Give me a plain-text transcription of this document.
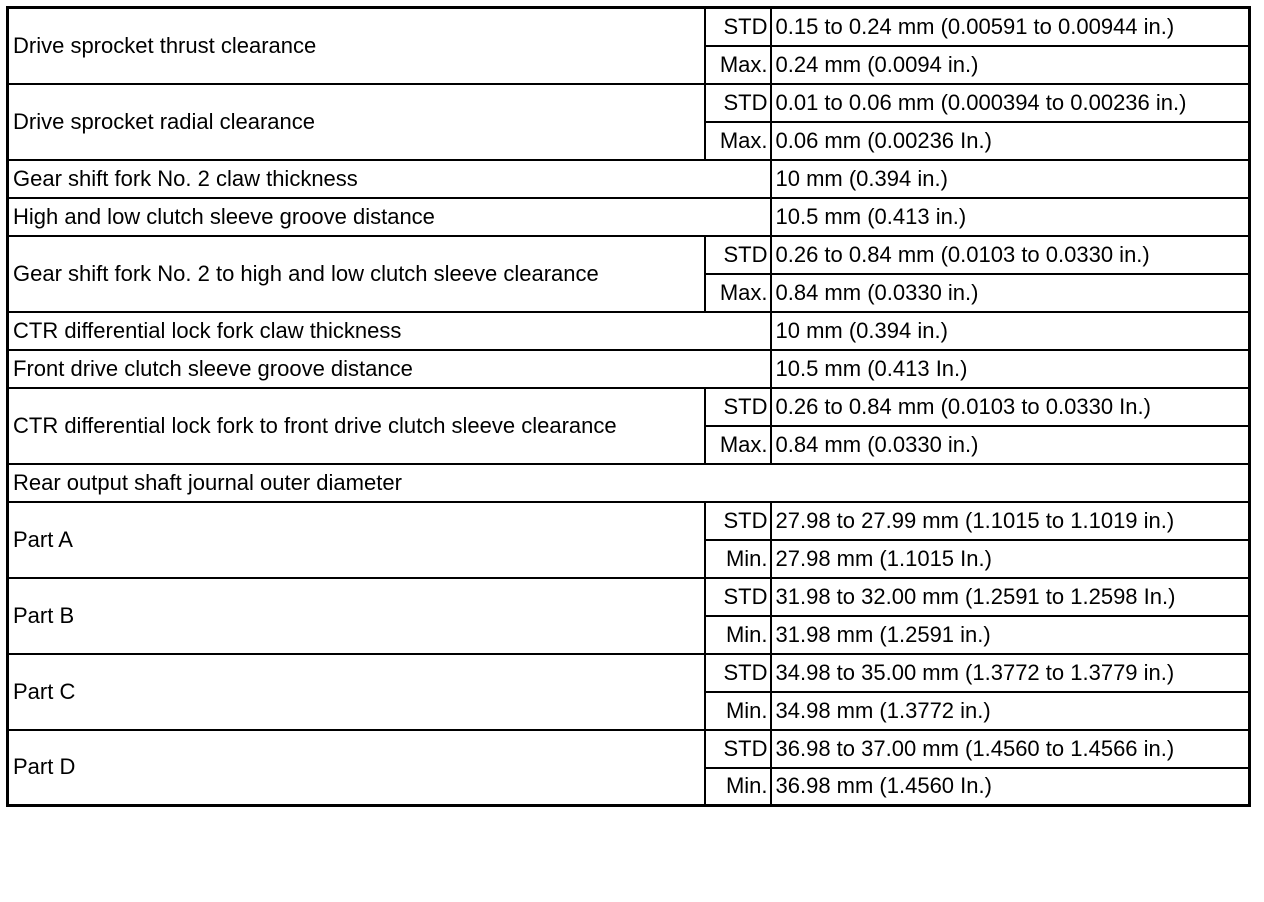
Drive sprocket thrust clearance	STD	0.15 to 0.24 mm (0.00591 to 0.00944 in.)
	Max.	0.24 mm (0.0094 in.)
Drive sprocket radial clearance	STD	0.01 to 0.06 mm (0.000394 to 0.00236 in.)
	Max.	0.06 mm (0.00236 In.)
Gear shift fork No. 2 claw thickness		10 mm (0.394 in.)
High and low clutch sleeve groove distance		10.5 mm (0.413 in.)
Gear shift fork No. 2 to high and low clutch sleeve clearance	STD	0.26 to 0.84 mm (0.0103 to 0.0330 in.)
	Max.	0.84 mm (0.0330 in.)
CTR differential lock fork claw thickness		10 mm (0.394 in.)
Front drive clutch sleeve groove distance		10.5 mm (0.413 In.)
CTR differential lock fork to front drive clutch sleeve clearance	STD	0.26 to 0.84 mm (0.0103 to 0.0330 In.)
	Max.	0.84 mm (0.0330 in.)
Rear output shaft journal outer diameter		
Part A	STD	27.98 to 27.99 mm (1.1015 to 1.1019 in.)
	Min.	27.98 mm (1.1015 In.)
Part B	STD	31.98 to 32.00 mm (1.2591 to 1.2598 In.)
	Min.	31.98 mm (1.2591 in.)
Part C	STD	34.98 to 35.00 mm (1.3772 to 1.3779 in.)
	Min.	34.98 mm (1.3772 in.)
Part D	STD	36.98 to 37.00 mm (1.4560 to 1.4566 in.)
	Min.	36.98 mm (1.4560 In.)
